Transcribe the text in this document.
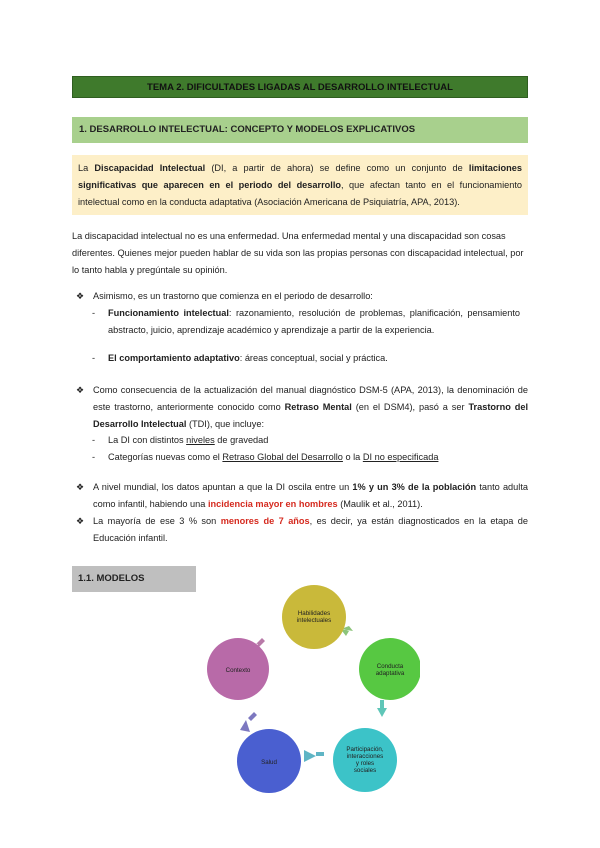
TEMA 2. DIFICULTADES LIGADAS AL DESARROLLO INTELECTUAL
1. DESARROLLO INTELECTUAL: CONCEPTO Y MODELOS EXPLICATIVOS
La Discapacidad Intelectual (DI, a partir de ahora) se define como un conjunto de limitaciones significativas que aparecen en el periodo del desarrollo, que afectan tanto en el funcionamiento intelectual como en la conducta adaptativa (Asociación Americana de Psiquiatría, APA, 2013).
La discapacidad intelectual no es una enfermedad. Una enfermedad mental y una discapacidad son cosas diferentes. Quienes mejor pueden hablar de su vida son las propias personas con discapacidad intelectual, por lo tanto habla y pregúntale su opinión.
❖ Asimismo, es un trastorno que comienza en el periodo de desarrollo:
- Funcionamiento intelectual: razonamiento, resolución de problemas, planificación, pensamiento abstracto, juicio, aprendizaje académico y aprendizaje a partir de la experiencia.
- El comportamiento adaptativo: áreas conceptual, social y práctica.
❖ Como consecuencia de la actualización del manual diagnóstico DSM-5 (APA, 2013), la denominación de este trastorno, anteriormente conocido como Retraso Mental (en el DSM4), pasó a ser Trastorno del Desarrollo Intelectual (TDI), que incluye:
- La DI con distintos niveles de gravedad
- Categorías nuevas como el Retraso Global del Desarrollo o la DI no especificada
❖ A nivel mundial, los datos apuntan a que la DI oscila entre un 1% y un 3% de la población tanto adulta como infantil, habiendo una incidencia mayor en hombres (Maulik et al., 2011).
❖ La mayoría de ese 3 % son menores de 7 años, es decir, ya están diagnosticados en la etapa de Educación infantil.
1.1. MODELOS
Habilidades
intelectuales
Conducta
adaptativa
Participación,
interacciones
y roles
sociales
Salud
Contexto
